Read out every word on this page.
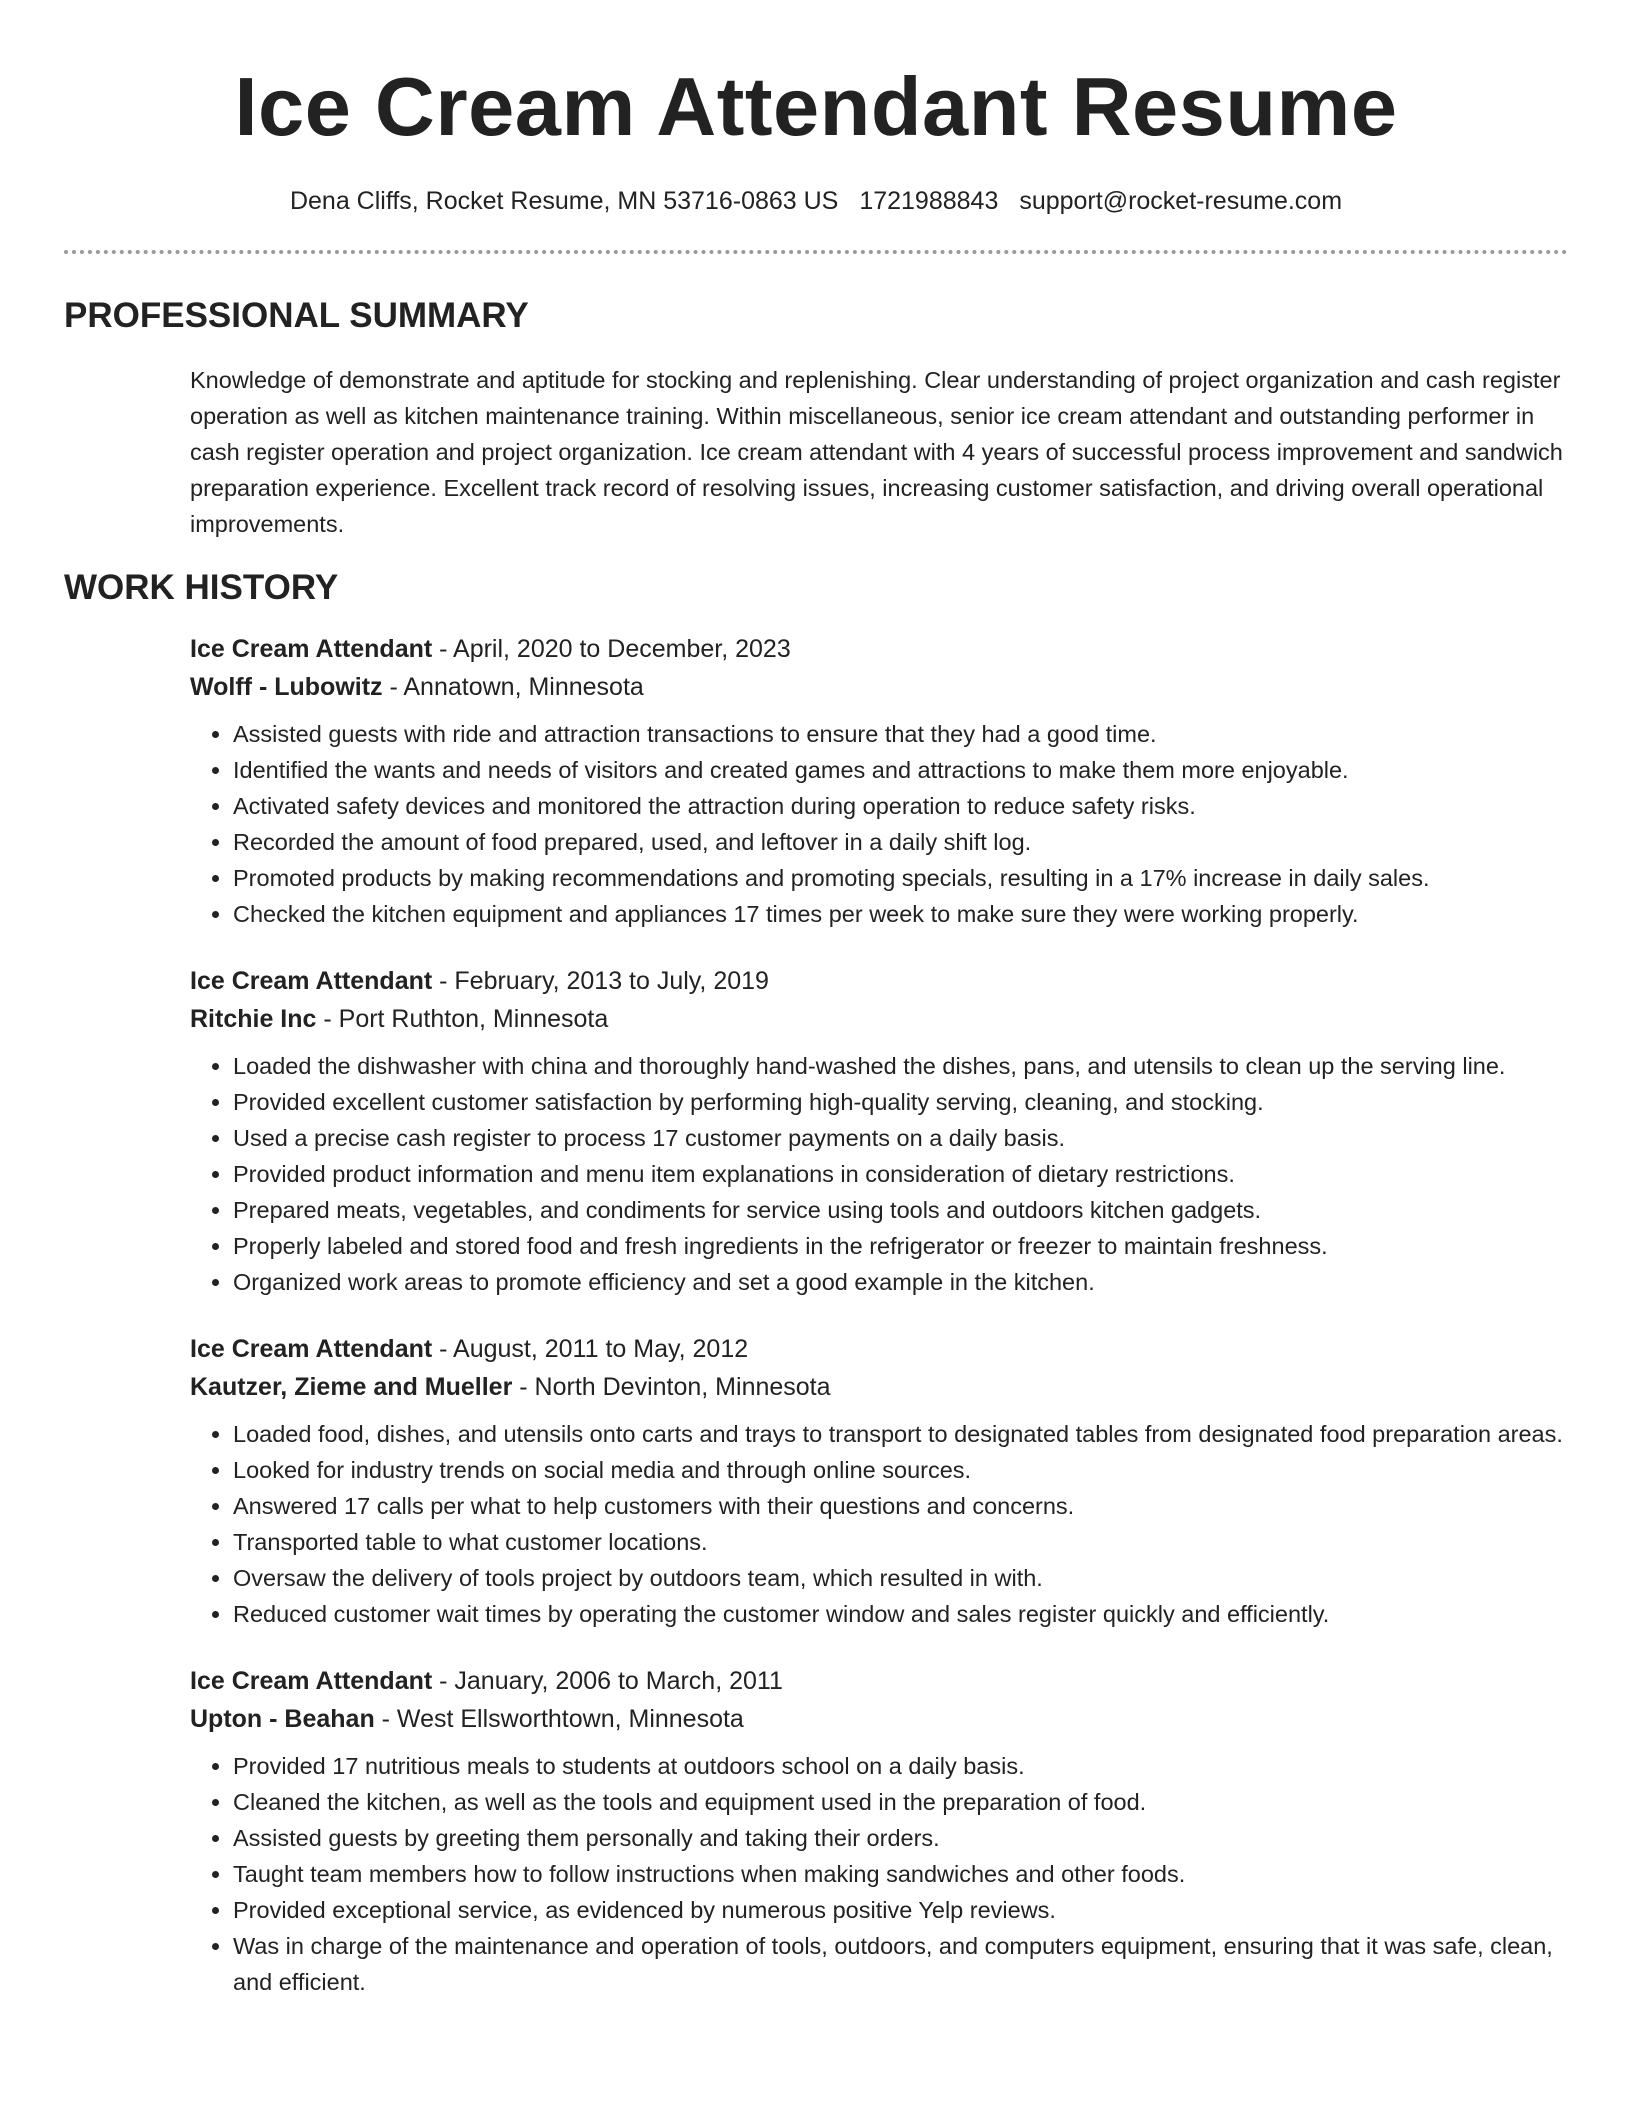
Ice Cream Attendant Resume
Dena Cliffs, Rocket Resume, MN 53716-0863 US 1721988843 support@rocket-resume.com
PROFESSIONAL SUMMARY
Knowledge of demonstrate and aptitude for stocking and replenishing. Clear understanding of project organization and cash register operation as well as kitchen maintenance training. Within miscellaneous, senior ice cream attendant and outstanding performer in cash register operation and project organization. Ice cream attendant with 4 years of successful process improvement and sandwich preparation experience. Excellent track record of resolving issues, increasing customer satisfaction, and driving overall operational improvements.
WORK HISTORY
Ice Cream Attendant - April, 2020 to December, 2023
Wolff - Lubowitz - Annatown, Minnesota
• Assisted guests with ride and attraction transactions to ensure that they had a good time.
• Identified the wants and needs of visitors and created games and attractions to make them more enjoyable.
• Activated safety devices and monitored the attraction during operation to reduce safety risks.
• Recorded the amount of food prepared, used, and leftover in a daily shift log.
• Promoted products by making recommendations and promoting specials, resulting in a 17% increase in daily sales.
• Checked the kitchen equipment and appliances 17 times per week to make sure they were working properly.
Ice Cream Attendant - February, 2013 to July, 2019
Ritchie Inc - Port Ruthton, Minnesota
• Loaded the dishwasher with china and thoroughly hand-washed the dishes, pans, and utensils to clean up the serving line.
• Provided excellent customer satisfaction by performing high-quality serving, cleaning, and stocking.
• Used a precise cash register to process 17 customer payments on a daily basis.
• Provided product information and menu item explanations in consideration of dietary restrictions.
• Prepared meats, vegetables, and condiments for service using tools and outdoors kitchen gadgets.
• Properly labeled and stored food and fresh ingredients in the refrigerator or freezer to maintain freshness.
• Organized work areas to promote efficiency and set a good example in the kitchen.
Ice Cream Attendant - August, 2011 to May, 2012
Kautzer, Zieme and Mueller - North Devinton, Minnesota
• Loaded food, dishes, and utensils onto carts and trays to transport to designated tables from designated food preparation areas.
• Looked for industry trends on social media and through online sources.
• Answered 17 calls per what to help customers with their questions and concerns.
• Transported table to what customer locations.
• Oversaw the delivery of tools project by outdoors team, which resulted in with.
• Reduced customer wait times by operating the customer window and sales register quickly and efficiently.
Ice Cream Attendant - January, 2006 to March, 2011
Upton - Beahan - West Ellsworthtown, Minnesota
• Provided 17 nutritious meals to students at outdoors school on a daily basis.
• Cleaned the kitchen, as well as the tools and equipment used in the preparation of food.
• Assisted guests by greeting them personally and taking their orders.
• Taught team members how to follow instructions when making sandwiches and other foods.
• Provided exceptional service, as evidenced by numerous positive Yelp reviews.
• Was in charge of the maintenance and operation of tools, outdoors, and computers equipment, ensuring that it was safe, clean, and efficient.
